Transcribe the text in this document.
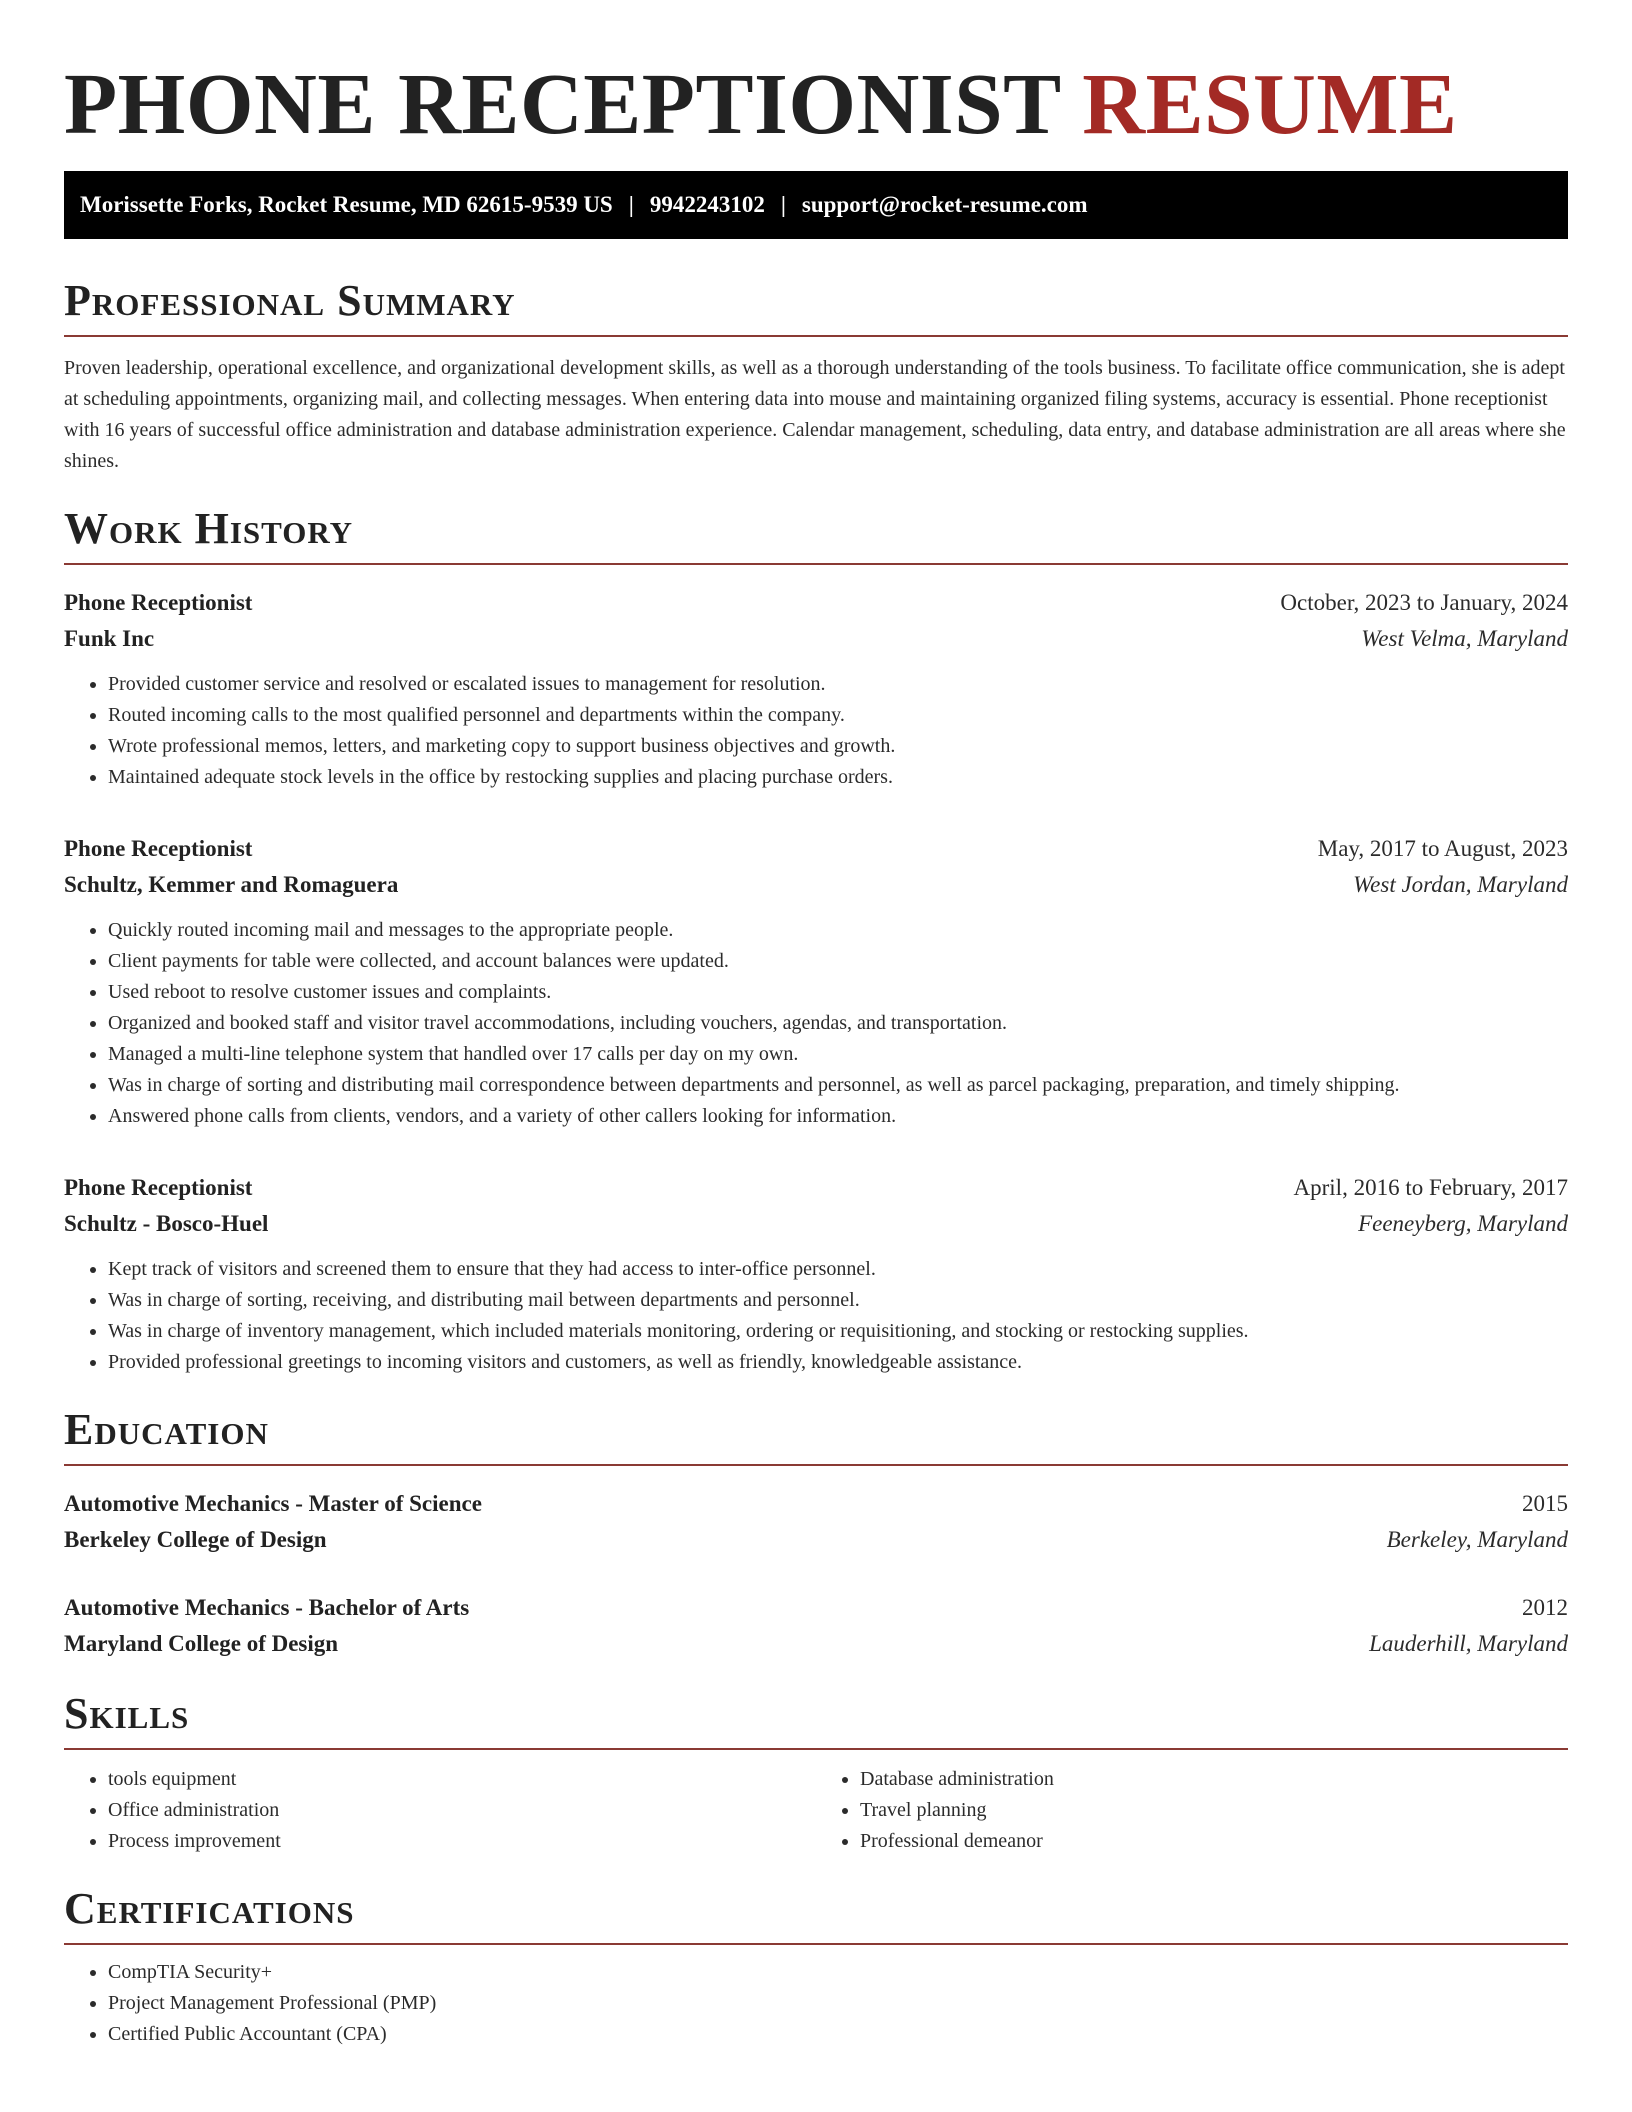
PHONE RECEPTIONIST RESUME
Morissette Forks, Rocket Resume, MD 62615-9539 US | 9942243102 | support@rocket-resume.com
Professional Summary

Proven leadership, operational excellence, and organizational development skills, as well as a thorough understanding of the tools business. To facilitate office communication, she is adept at scheduling appointments, organizing mail, and collecting messages. When entering data into mouse and maintaining organized filing systems, accuracy is essential. Phone receptionist with 16 years of successful office administration and database administration experience. Calendar management, scheduling, data entry, and database administration are all areas where she shines.

Work History
Phone Receptionist	October, 2023 to January, 2024
Funk Inc	West Velma, Maryland
• Provided customer service and resolved or escalated issues to management for resolution.
• Routed incoming calls to the most qualified personnel and departments within the company.
• Wrote professional memos, letters, and marketing copy to support business objectives and growth.
• Maintained adequate stock levels in the office by restocking supplies and placing purchase orders.
Phone Receptionist	May, 2017 to August, 2023
Schultz, Kemmer and Romaguera	West Jordan, Maryland
• Quickly routed incoming mail and messages to the appropriate people.
• Client payments for table were collected, and account balances were updated.
• Used reboot to resolve customer issues and complaints.
• Organized and booked staff and visitor travel accommodations, including vouchers, agendas, and transportation.
• Managed a multi-line telephone system that handled over 17 calls per day on my own.
• Was in charge of sorting and distributing mail correspondence between departments and personnel, as well as parcel packaging, preparation, and timely shipping.
• Answered phone calls from clients, vendors, and a variety of other callers looking for information.
Phone Receptionist	April, 2016 to February, 2017
Schultz - Bosco-Huel	Feeneyberg, Maryland
• Kept track of visitors and screened them to ensure that they had access to inter-office personnel.
• Was in charge of sorting, receiving, and distributing mail between departments and personnel.
• Was in charge of inventory management, which included materials monitoring, ordering or requisitioning, and stocking or restocking supplies.
• Provided professional greetings to incoming visitors and customers, as well as friendly, knowledgeable assistance.
Education
Automotive Mechanics - Master of Science	2015
Berkeley College of Design	Berkeley, Maryland
Automotive Mechanics - Bachelor of Arts	2012
Maryland College of Design	Lauderhill, Maryland
Skills
• tools equipment
• Office administration
• Process improvement
• Database administration
• Travel planning
• Professional demeanor
Certifications
• CompTIA Security+
• Project Management Professional (PMP)
• Certified Public Accountant (CPA)
